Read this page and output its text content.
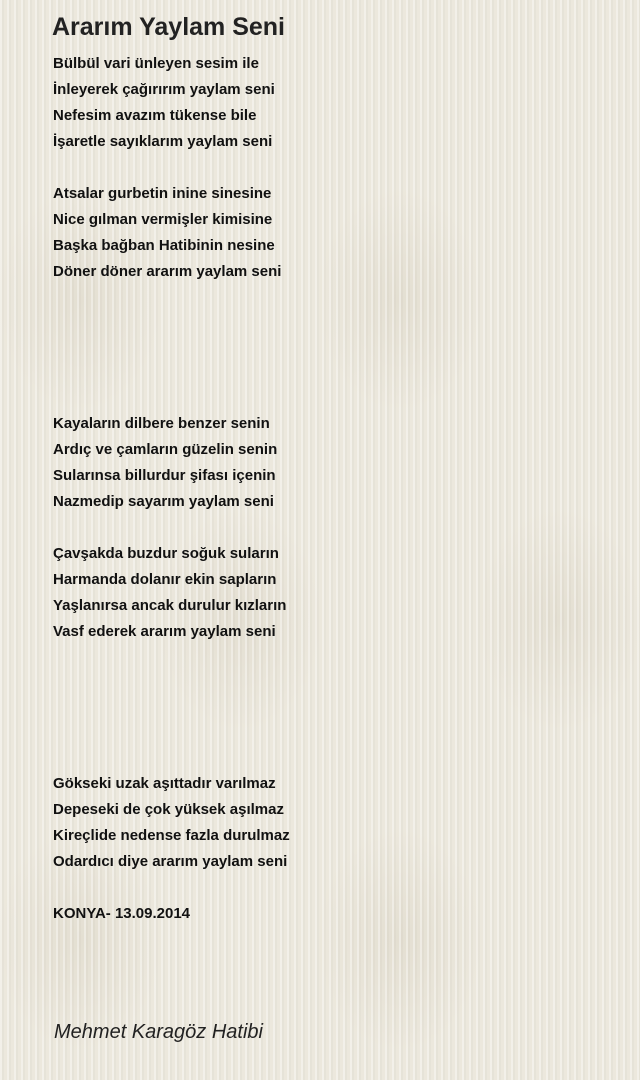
Ararım Yaylam Seni
Bülbül vari ünleyen sesim ile
İnleyerek çağırırım yaylam seni
Nefesim avazım tükense bile
İşaretle sayıklarım yaylam seni
Atsalar gurbetin inine sinesine
Nice gılman vermişler kimisine
Başka bağban Hatibinin nesine
Döner döner ararım yaylam seni
Kayaların dilbere benzer senin
Ardıç ve çamların güzelin senin
Sularınsa billurdur şifası içenin
Nazmedip sayarım yaylam seni
Çavşakda buzdur soğuk suların
Harmanda dolanır ekin sapların
Yaşlanırsa ancak durulur kızların
Vasf ederek ararım yaylam seni
Gökseki uzak aşıttadır varılmaz
Depeseki de çok yüksek aşılmaz
Kireçlide nedense fazla durulmaz
Odardıcı diye ararım yaylam seni
KONYA- 13.09.2014
Mehmet Karagöz Hatibi
